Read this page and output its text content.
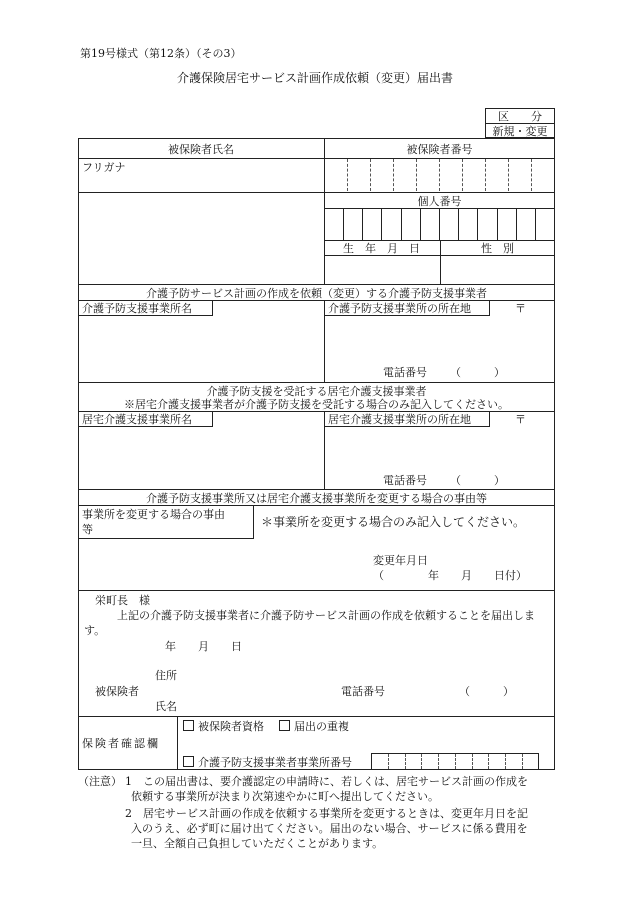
第19号様式（第12条）（その3）
介護保険居宅サービス計画作成依頼（変更）届出書
区　　分
新規・変更
被保険者氏名	被保険者番号
フリガナ
個人番号
生　年　月　日	性　別
介護予防サービス計画の作成を依頼（変更）する介護予防支援事業者
介護予防支援事業所名	介護予防支援事業所の所在地	〒
電話番号 （　　　）
介護予防支援を受託する居宅介護支援事業者
※居宅介護支援事業者が介護予防支援を受託する場合のみ記入してください。
居宅介護支援事業所名	居宅介護支援事業所の所在地	〒
電話番号 （　　　）
介護予防支援事業所又は居宅介護支援事業所を変更する場合の事由等
事業所を変更する場合の事由
等
＊事業所を変更する場合のみ記入してください。
変更年月日
（　　　　年　　月　　日付）
栄町長　様
上記の介護予防支援事業者に介護予防サービス計画の作成を依頼することを届出しま
す。
年　　月　　日
住所
被保険者
氏名
電話番号	（　　　）
保険者確認欄
被保険者資格	届出の重複
介護予防支援事業者事業所番号
（注意） 1 この届出書は、要介護認定の申請時に、若しくは、居宅サービス計画の作成を
依頼する事業所が決まり次第速やかに町へ提出してください。
2 居宅サービス計画の作成を依頼する事業所を変更するときは、変更年月日を記
入のうえ、必ず町に届け出てください。届出のない場合、サービスに係る費用を
一旦、全額自己負担していただくことがあります。
